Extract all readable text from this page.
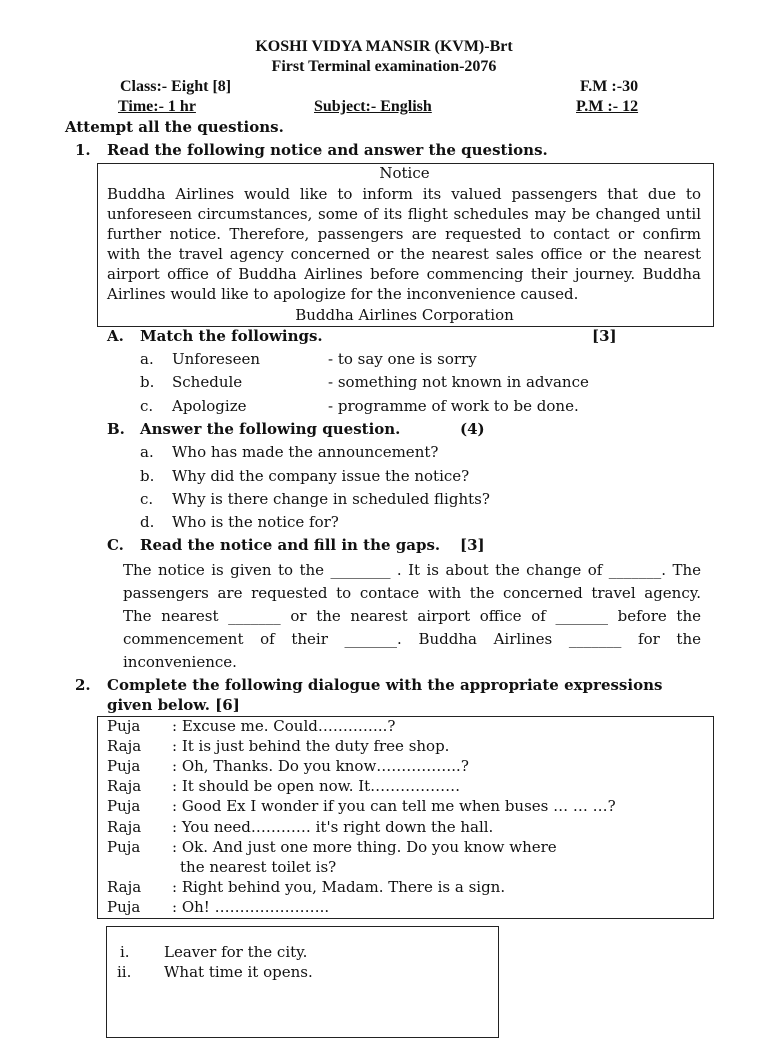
KOSHI VIDYA MANSIR (KVM)-Brt
First Terminal examination-2076
Class:- Eight [8]	F.M :-30
Time:- 1 hr	Subject:- English	P.M :- 12
Attempt all the questions.
1. Read the following notice and answer the questions.
Notice
Buddha Airlines would like to inform its valued passengers that due to unforeseen circumstances, some of its flight schedules may be changed until further notice. Therefore, passengers are requested to contact or confirm with the travel agency concerned or the nearest sales office or the nearest airport office of Buddha Airlines before commencing their journey. Buddha Airlines would like to apologize for the inconvenience caused.
Buddha Airlines Corporation
A. Match the followings.	[3]
a. Unforeseen	- to say one is sorry
b. Schedule	- something not known in advance
c. Apologize	- programme of work to be done.
B. Answer the following question.	(4)
a. Who has made the announcement?
b. Why did the company issue the notice?
c. Why is there change in scheduled flights?
d. Who is the notice for?
C. Read the notice and fill in the gaps. [3]
The notice is given to the ________ . It is about the change of _______. The passengers are requested to contace with the concerned travel agency. The nearest _______ or the nearest airport office of _______ before the commencement of their _______. Buddha Airlines _______ for the inconvenience.
2. Complete the following dialogue with the appropriate expressions
given below. [6]
Puja : Excuse me. Could…………..?
Raja : It is just behind the duty free shop.
Puja : Oh, Thanks. Do you know……………..?
Raja : It should be open now. It………………
Puja : Good Ex I wonder if you can tell me when buses … … …?
Raja : You need………… it's right down the hall.
Puja : Ok. And just one more thing. Do you know where
the nearest toilet is?
Raja : Right behind you, Madam. There is a sign.
Puja : Oh! …………………..
i. Leaver for the city.
ii. What time it opens.
